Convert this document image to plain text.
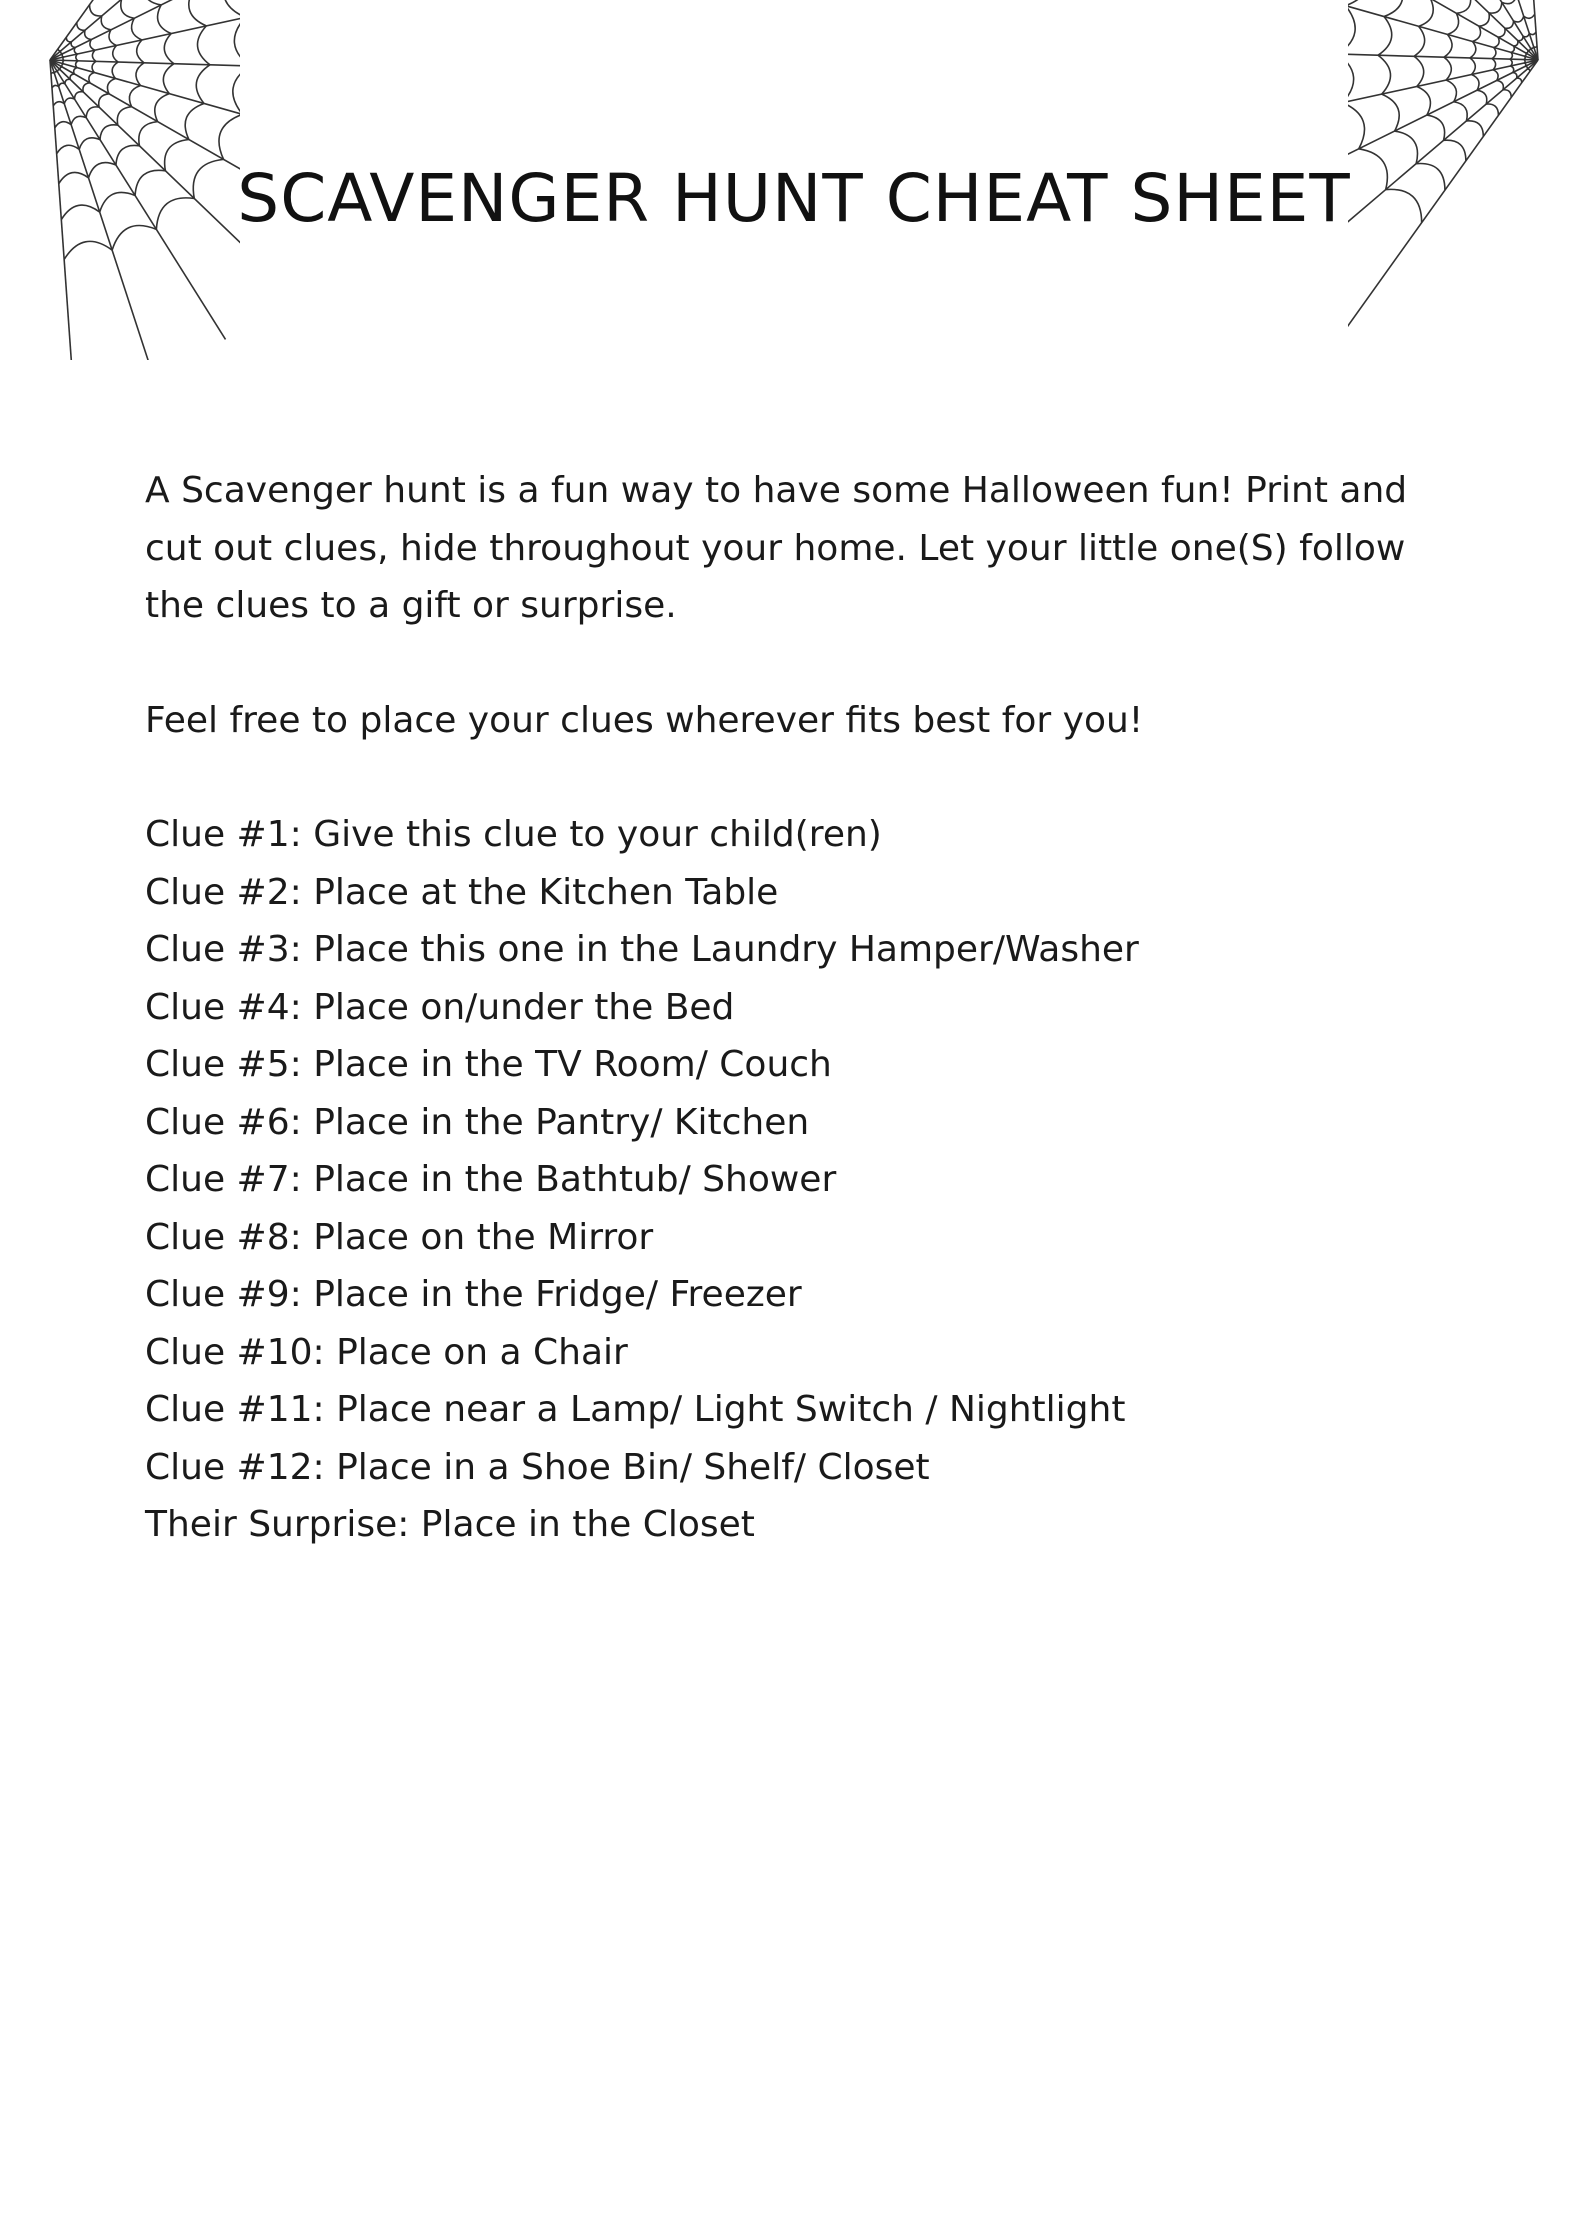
SCAVENGER HUNT CHEAT SHEET

A Scavenger hunt is a fun way to have some Halloween fun! Print and cut out clues, hide throughout your home. Let your little one(S) follow the clues to a gift or surprise.

Feel free to place your clues wherever fits best for you!

Clue #1: Give this clue to your child(ren)
Clue #2: Place at the Kitchen Table
Clue #3: Place this one in the Laundry Hamper/Washer
Clue #4: Place on/under the Bed
Clue #5: Place in the TV Room/ Couch
Clue #6: Place in the Pantry/ Kitchen
Clue #7: Place in the Bathtub/ Shower
Clue #8: Place on the Mirror
Clue #9: Place in the Fridge/ Freezer
Clue #10: Place on a Chair
Clue #11: Place near a Lamp/ Light Switch / Nightlight
Clue #12: Place in a Shoe Bin/ Shelf/ Closet
Their Surprise: Place in the Closet
